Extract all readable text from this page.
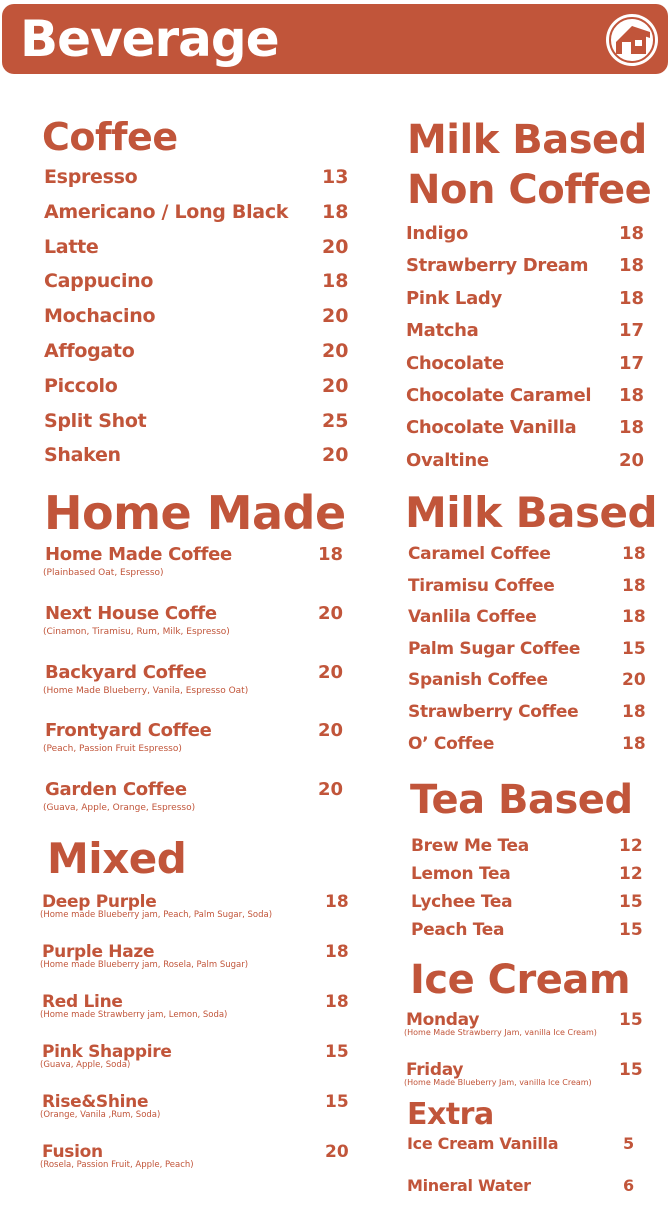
Beverage
Coffee
Espresso	13
Americano / Long Black 18
Latte	20
Cappucino	18
Mochacino	20
Affogato	20
Piccolo	20
Split Shot	25
Shaken	20
Home Made
Home Made Coffee	18
(Plainbased Oat, Espresso)
Next House Coffe	20
(Cinamon, Tiramisu, Rum, Milk, Espresso)
Backyard Coffee	20
(Home Made Blueberry, Vanila, Espresso Oat)
Frontyard Coffee	20
(Peach, Passion Fruit Espresso)
Garden Coffee	20
(Guava, Apple, Orange, Espresso)
Mixed
Deep Purple	18
(Home made Blueberry jam, Peach, Palm Sugar, Soda)
Purple Haze	18
(Home made Blueberry jam, Rosela, Palm Sugar)
Red Line	18
(Home made Strawberry jam, Lemon, Soda)
Pink Shappire	15
(Guava, Apple, Soda)
Rise&Shine	15
(Orange, Vanila ,Rum, Soda)
Fusion	20
(Rosela, Passion Fruit, Apple, Peach)
Milk Based
Non Coffee
Indigo	18
Strawberry Dream 18
Pink Lady	18
Matcha	17
Chocolate	17
Chocolate Caramel 18
Chocolate Vanilla 18
Ovaltine	20
Milk Based
Caramel Coffee	18
Tiramisu Coffee	18
Vanlila Coffee	18
Palm Sugar Coffee 15
Spanish Coffee	20
Strawberry Coffee	18
O’ Coffee	18
Tea Based
Brew Me Tea	12
Lemon Tea	12
Lychee Tea	15
Peach Tea	15
Ice Cream
Monday	15
(Home Made Strawberry Jam, vanilla Ice Cream)
Friday	15
(Home Made Blueberry Jam, vanilla Ice Cream)
Extra
Ice Cream Vanilla	5
Mineral Water	6
